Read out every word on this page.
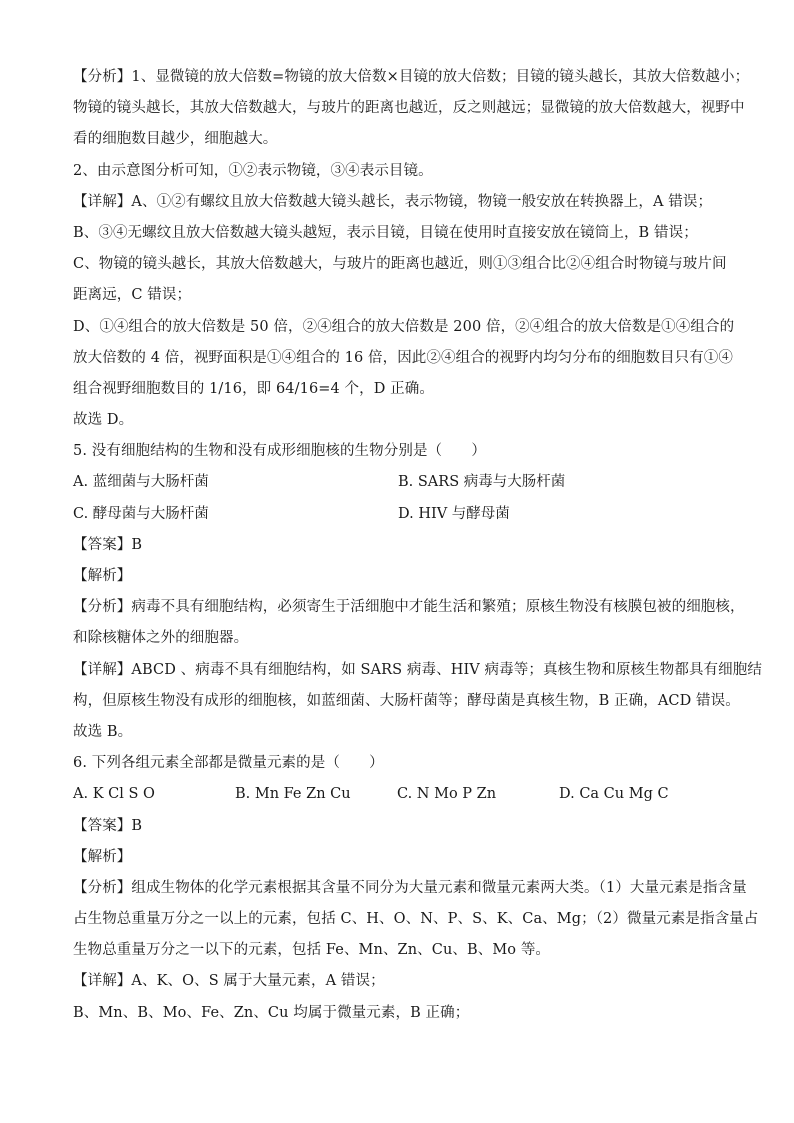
【分析】1、显微镜的放大倍数=物镜的放大倍数×目镜的放大倍数；目镜的镜头越长，其放大倍数越小；
物镜的镜头越长，其放大倍数越大，与玻片的距离也越近，反之则越远；显微镜的放大倍数越大，视野中
看的细胞数目越少，细胞越大。
2、由示意图分析可知，①②表示物镜，③④表示目镜。
【详解】A、①②有螺纹且放大倍数越大镜头越长，表示物镜，物镜一般安放在转换器上，A 错误；
B、③④无螺纹且放大倍数越大镜头越短，表示目镜，目镜在使用时直接安放在镜筒上，B 错误；
C、物镜的镜头越长，其放大倍数越大，与玻片的距离也越近，则①③组合比②④组合时物镜与玻片间
距离远，C 错误；
D、①④组合的放大倍数是 50 倍，②④组合的放大倍数是 200 倍，②④组合的放大倍数是①④组合的
放大倍数的 4 倍，视野面积是①④组合的 16 倍，因此②④组合的视野内均匀分布的细胞数目只有①④
组合视野细胞数目的 1/16，即 64/16=4 个，D 正确。
故选 D。
5. 没有细胞结构的生物和没有成形细胞核的生物分别是（　　）
A. 蓝细菌与大肠杆菌	B. SARS 病毒与大肠杆菌
C. 酵母菌与大肠杆菌	D. HIV 与酵母菌
【答案】B
【解析】
【分析】病毒不具有细胞结构，必须寄生于活细胞中才能生活和繁殖；原核生物没有核膜包被的细胞核，
和除核糖体之外的细胞器。
【详解】ABCD 、病毒不具有细胞结构，如 SARS 病毒、HIV 病毒等；真核生物和原核生物都具有细胞结
构，但原核生物没有成形的细胞核，如蓝细菌、大肠杆菌等；酵母菌是真核生物，B 正确，ACD 错误。
故选 B。
6. 下列各组元素全部都是微量元素的是（　　）
A. K Cl S O	B. Mn Fe Zn Cu	C. N Mo P Zn	D. Ca Cu Mg C
【答案】B
【解析】
【分析】组成生物体的化学元素根据其含量不同分为大量元素和微量元素两大类。（1）大量元素是指含量
占生物总重量万分之一以上的元素，包括 C、H、O、N、P、S、K、Ca、Mg；（2）微量元素是指含量占
生物总重量万分之一以下的元素，包括 Fe、Mn、Zn、Cu、B、Mo 等。
【详解】A、K、O、S 属于大量元素，A 错误；
B、Mn、B、Mo、Fe、Zn、Cu 均属于微量元素，B 正确；
